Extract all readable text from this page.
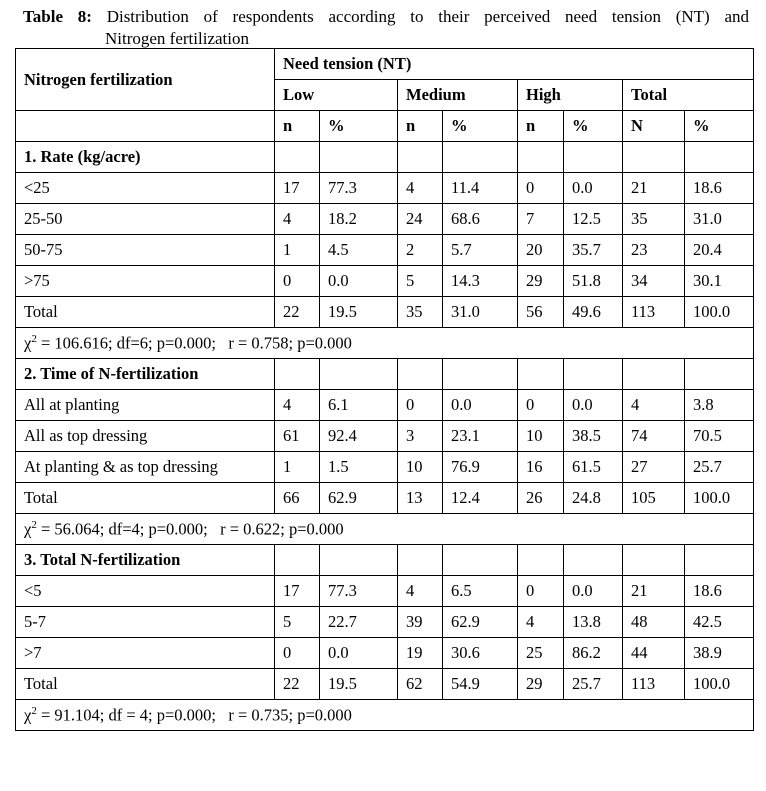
Table 8: Distribution of respondents according to their perceived need tension (NT) and
Nitrogen fertilization
Nitrogen fertilization	Need tension (NT)							
	Low		Medium		High		Total	
	n	%	n	%	n	%	N	%
1. Rate (kg/acre)								
<25	17	77.3	4	11.4	0	0.0	21	18.6
25-50	4	18.2	24	68.6	7	12.5	35	31.0
50-75	1	4.5	2	5.7	20	35.7	23	20.4
>75	0	0.0	5	14.3	29	51.8	34	30.1
Total	22	19.5	35	31.0	56	49.6	113	100.0
$\chi^2 = 106.616$; df=6; p=0.000;   r = 0.758; p=0.000								
2. Time of N-fertilization								
All at planting	4	6.1	0	0.0	0	0.0	4	3.8
All as top dressing	61	92.4	3	23.1	10	38.5	74	70.5
At planting & as top dressing	1	1.5	10	76.9	16	61.5	27	25.7
Total	66	62.9	13	12.4	26	24.8	105	100.0
$\chi^2 = 56.064$; df=4; p=0.000;   r = 0.622; p=0.000								
3. Total N-fertilization								
<5	17	77.3	4	6.5	0	0.0	21	18.6
5-7	5	22.7	39	62.9	4	13.8	48	42.5
>7	0	0.0	19	30.6	25	86.2	44	38.9
Total	22	19.5	62	54.9	29	25.7	113	100.0
$\chi^2 = 91.104$; df = 4; p=0.000;   r = 0.735; p=0.000								
